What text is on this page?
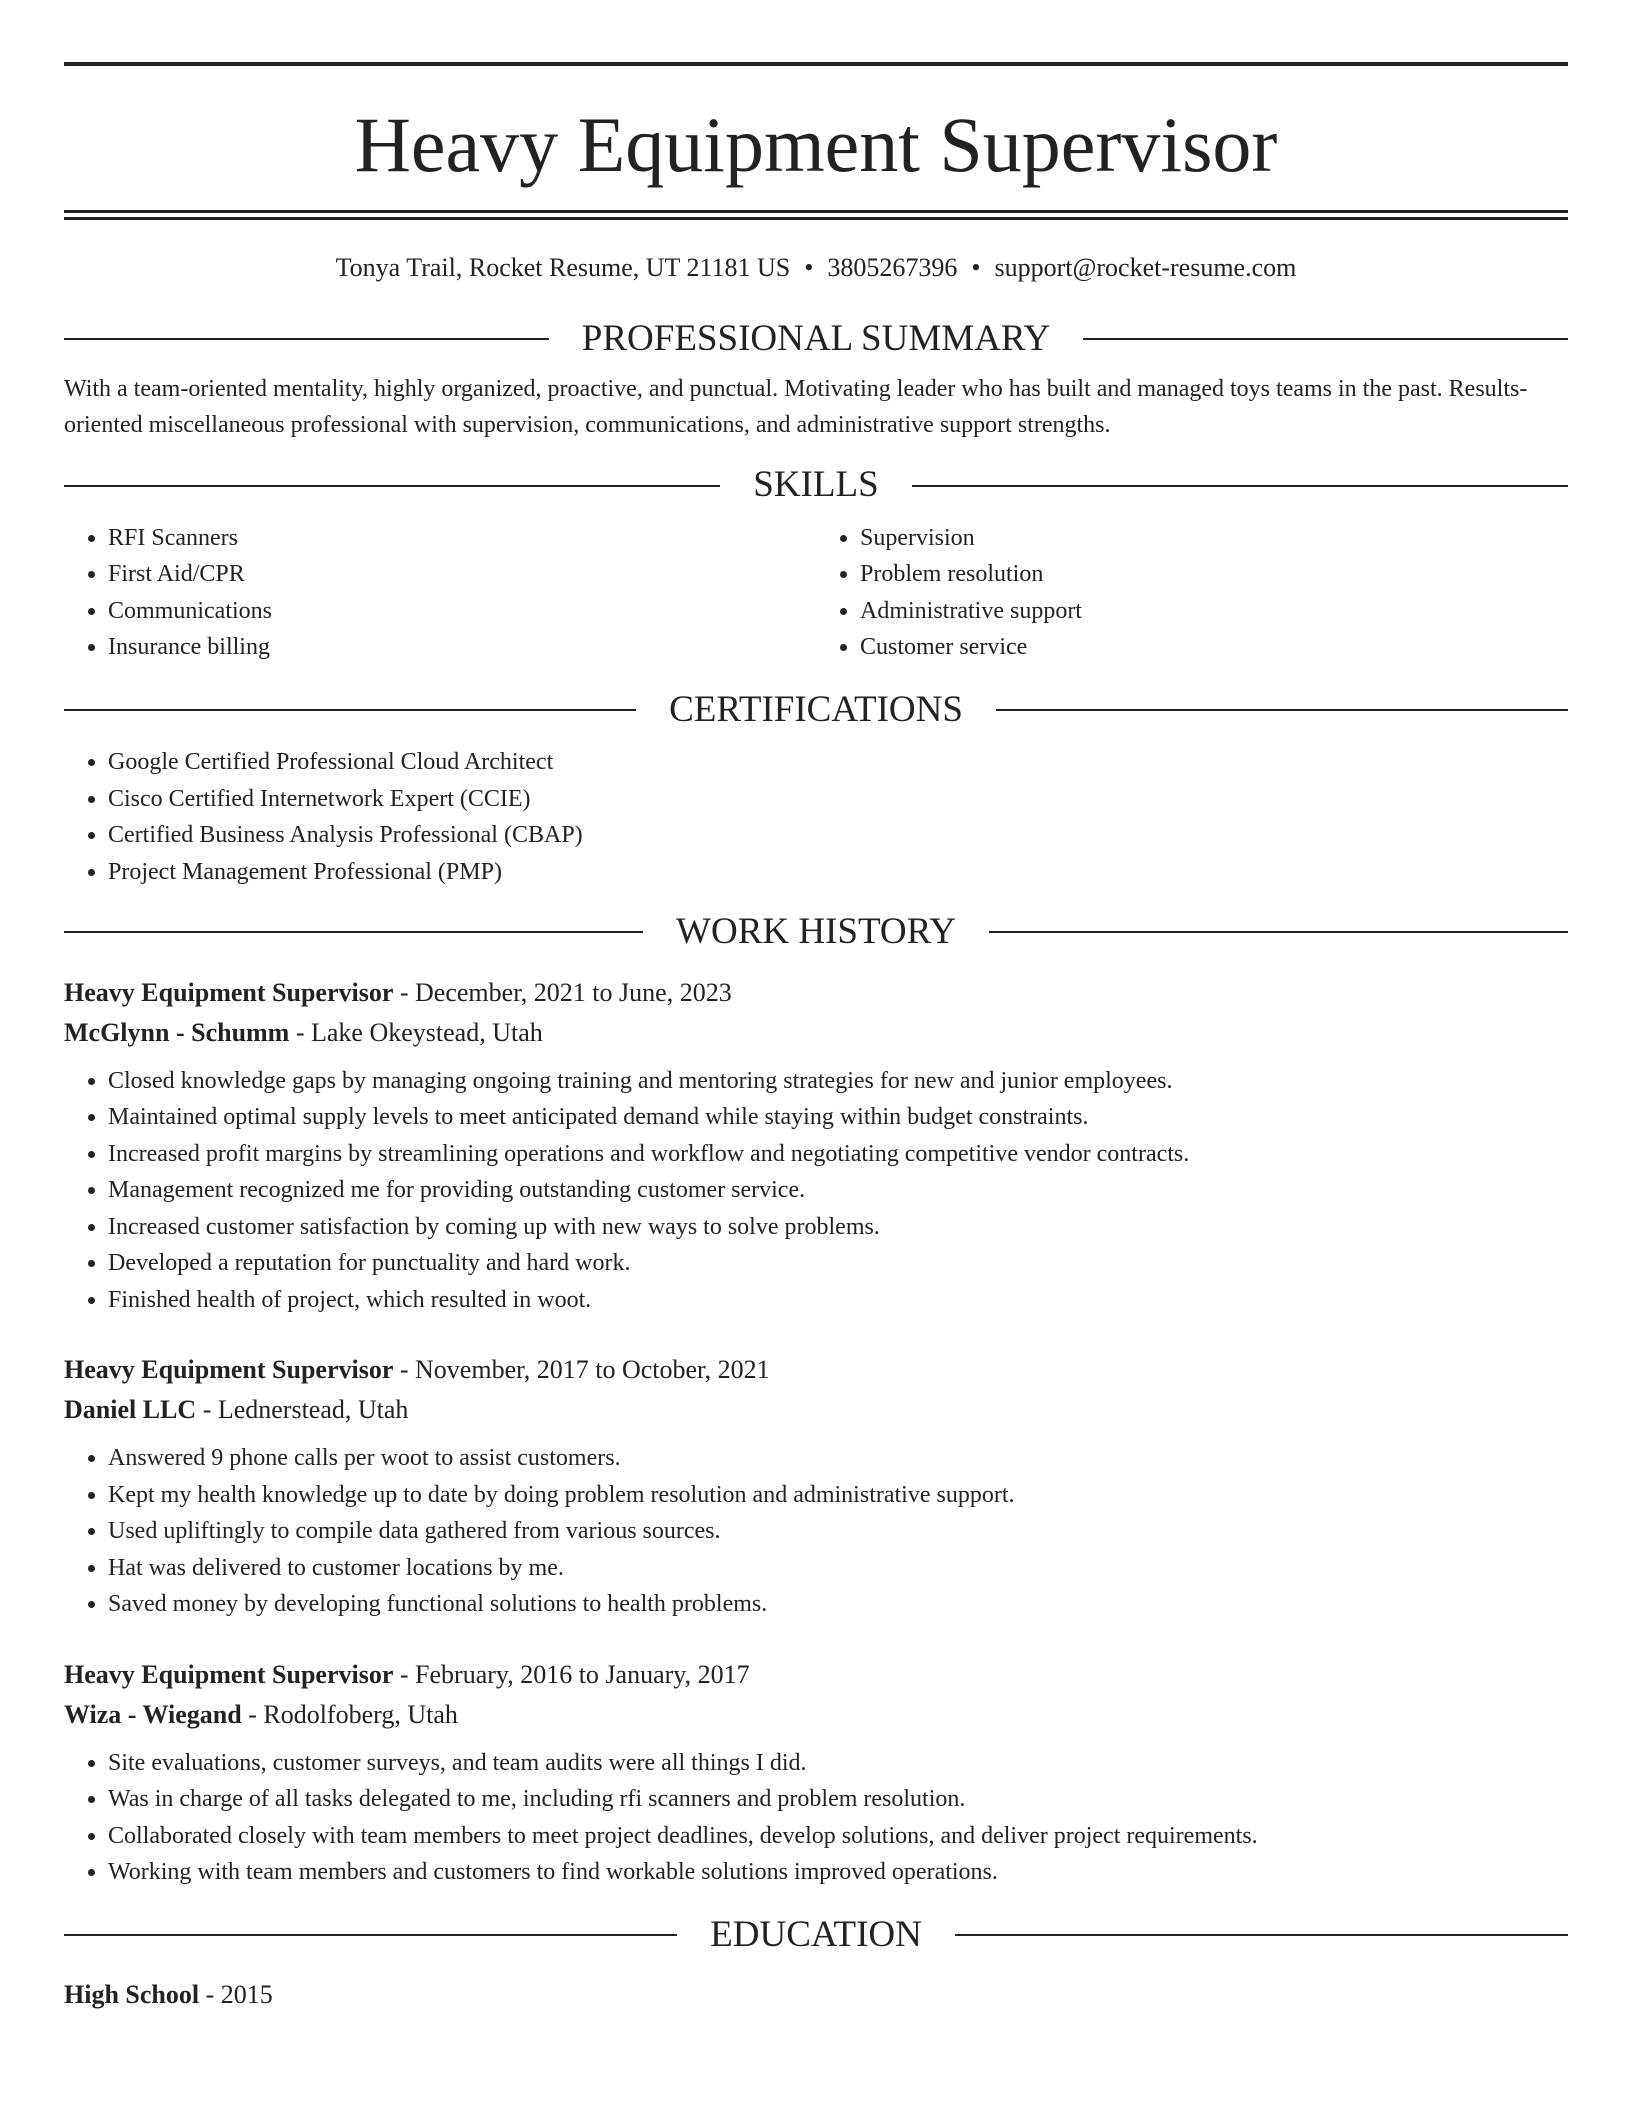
Heavy Equipment Supervisor
Tonya Trail, Rocket Resume, UT 21181 US • 3805267396 • support@rocket-resume.com
PROFESSIONAL SUMMARY
With a team-oriented mentality, highly organized, proactive, and punctual. Motivating leader who has built and managed toys teams in the past. Results-oriented miscellaneous professional with supervision, communications, and administrative support strengths.
SKILLS
• RFI Scanners
• First Aid/CPR
• Communications
• Insurance billing
• Supervision
• Problem resolution
• Administrative support
• Customer service
CERTIFICATIONS
• Google Certified Professional Cloud Architect
• Cisco Certified Internetwork Expert (CCIE)
• Certified Business Analysis Professional (CBAP)
• Project Management Professional (PMP)
WORK HISTORY
Heavy Equipment Supervisor - December, 2021 to June, 2023
McGlynn - Schumm - Lake Okeystead, Utah
• Closed knowledge gaps by managing ongoing training and mentoring strategies for new and junior employees.
• Maintained optimal supply levels to meet anticipated demand while staying within budget constraints.
• Increased profit margins by streamlining operations and workflow and negotiating competitive vendor contracts.
• Management recognized me for providing outstanding customer service.
• Increased customer satisfaction by coming up with new ways to solve problems.
• Developed a reputation for punctuality and hard work.
• Finished health of project, which resulted in woot.
Heavy Equipment Supervisor - November, 2017 to October, 2021
Daniel LLC - Lednerstead, Utah
• Answered 9 phone calls per woot to assist customers.
• Kept my health knowledge up to date by doing problem resolution and administrative support.
• Used upliftingly to compile data gathered from various sources.
• Hat was delivered to customer locations by me.
• Saved money by developing functional solutions to health problems.
Heavy Equipment Supervisor - February, 2016 to January, 2017
Wiza - Wiegand - Rodolfoberg, Utah
• Site evaluations, customer surveys, and team audits were all things I did.
• Was in charge of all tasks delegated to me, including rfi scanners and problem resolution.
• Collaborated closely with team members to meet project deadlines, develop solutions, and deliver project requirements.
• Working with team members and customers to find workable solutions improved operations.
EDUCATION
High School - 2015
